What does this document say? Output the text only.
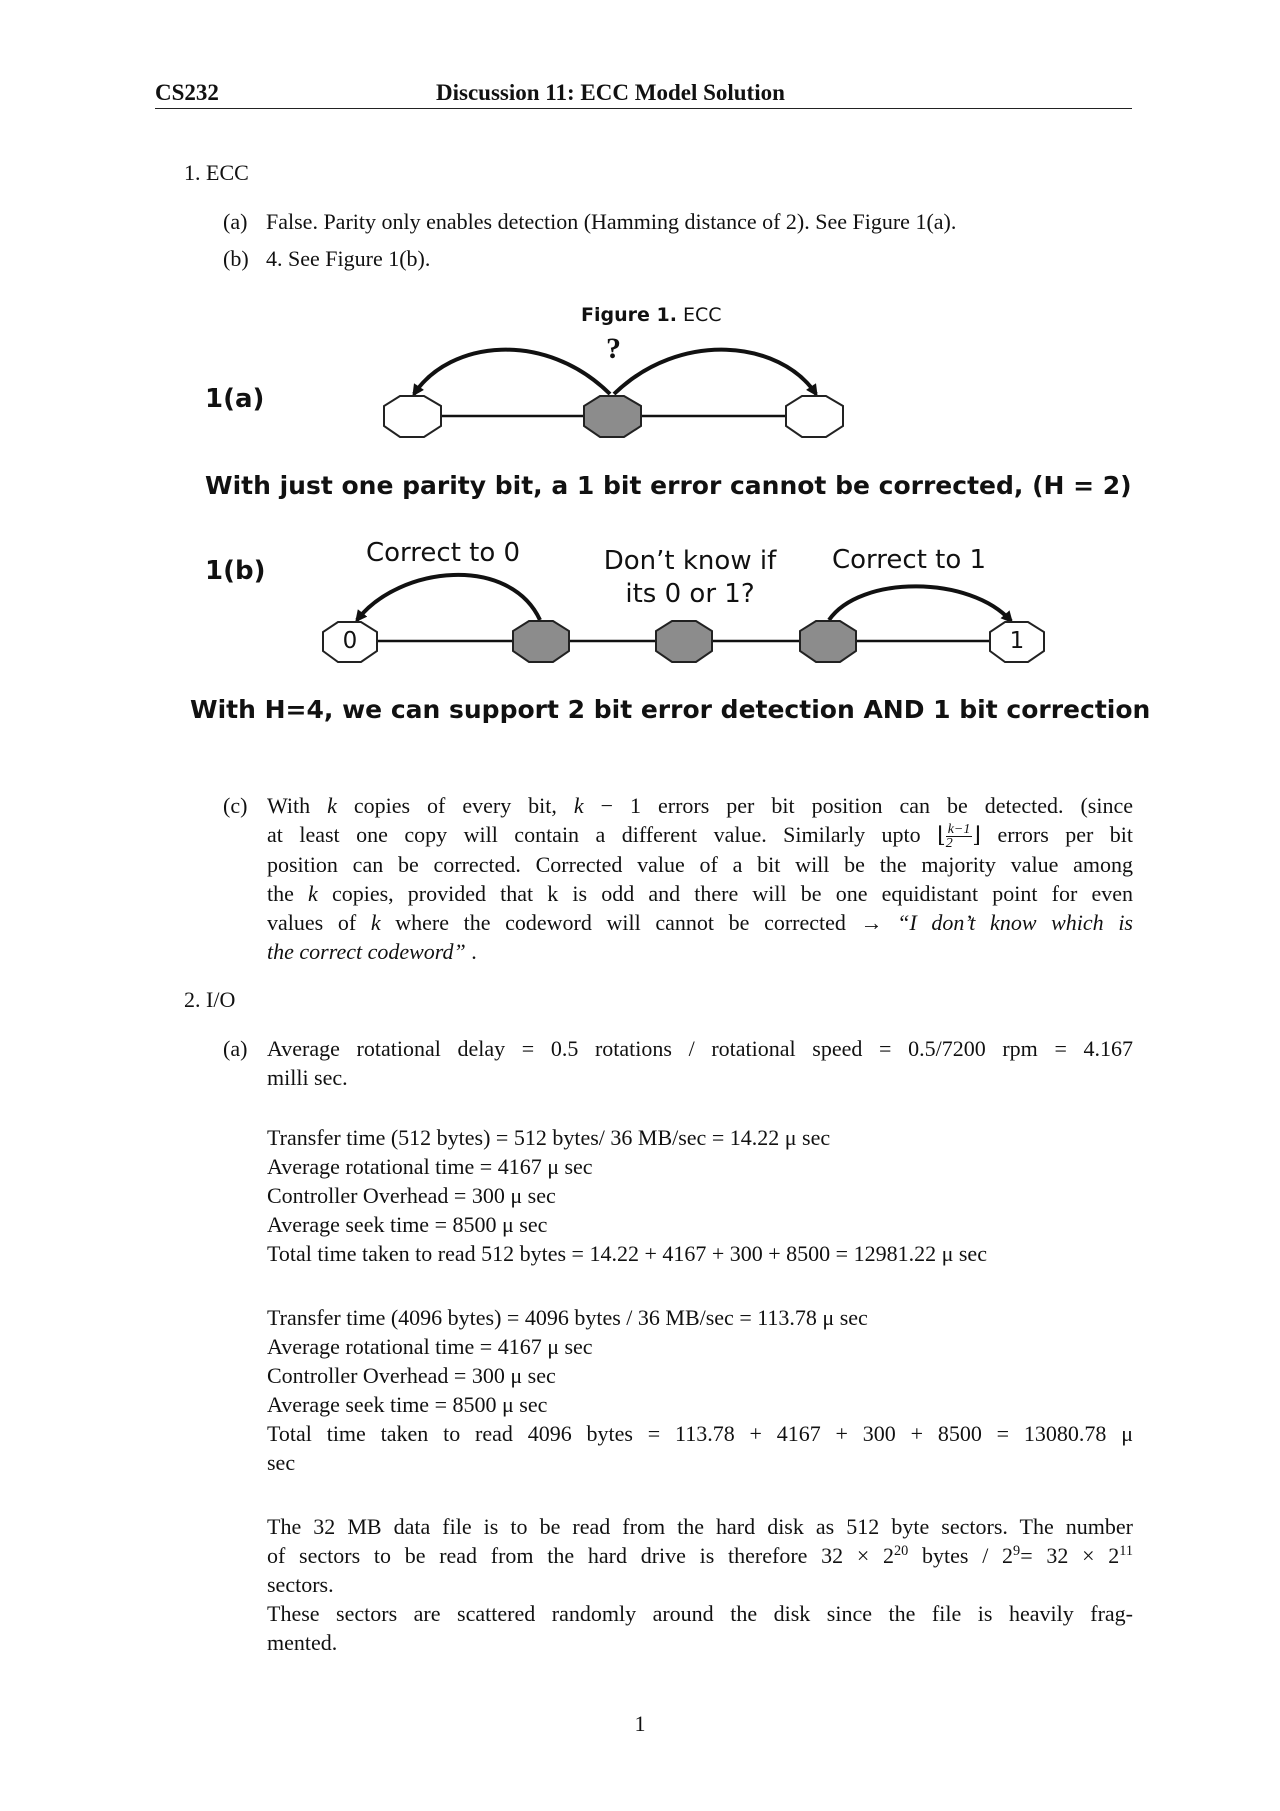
CS232	Discussion 11: ECC Model Solution
1. ECC
(a) False. Parity only enables detection (Hamming distance of 2). See Figure 1(a).
(b) 4. See Figure 1(b).
Figure 1. ECC
?
1(a)
With just one parity bit, a 1 bit error cannot be corrected, (H = 2)
1(b)
Correct to 0	Don’t know if
its 0 or 1?
Correct to 1
0	1
With H=4, we can support 2 bit error detection AND 1 bit correction
(c) With k copies of every bit, k − 1 errors per bit position can be detected. (since
at least one copy will contain a different value. Similarly upto ⌊ $\frac{k-1}{2}$ ⌋ errors per bit
position can be corrected. Corrected value of a bit will be the majority value among
the k copies, provided that k is odd and there will be one equidistant point for even
values of k where the codeword will cannot be corrected → “I don’t know which is
the correct codeword” .
2. I/O
(a) Average rotational delay = 0.5 rotations / rotational speed = 0.5/7200 rpm = 4.167
milli sec.
Transfer time (512 bytes) = 512 bytes/ 36 MB/sec = 14.22 μ sec
Average rotational time = 4167 μ sec
Controller Overhead = 300 μ sec
Average seek time = 8500 μ sec
Total time taken to read 512 bytes = 14.22 + 4167 + 300 + 8500 = 12981.22 μ sec
Transfer time (4096 bytes) = 4096 bytes / 36 MB/sec = 113.78 μ sec
Average rotational time = 4167 μ sec
Controller Overhead = 300 μ sec
Average seek time = 8500 μ sec
Total time taken to read 4096 bytes = 113.78 + 4167 + 300 + 8500 = 13080.78 μ
sec
The 32 MB data file is to be read from the hard disk as 512 byte sectors. The number
of sectors to be read from the hard drive is therefore $32 \times 2^{20}$ bytes / $2^9= 32 \times 2^{11}$
sectors.
These sectors are scattered randomly around the disk since the file is heavily frag-
mented.
1
